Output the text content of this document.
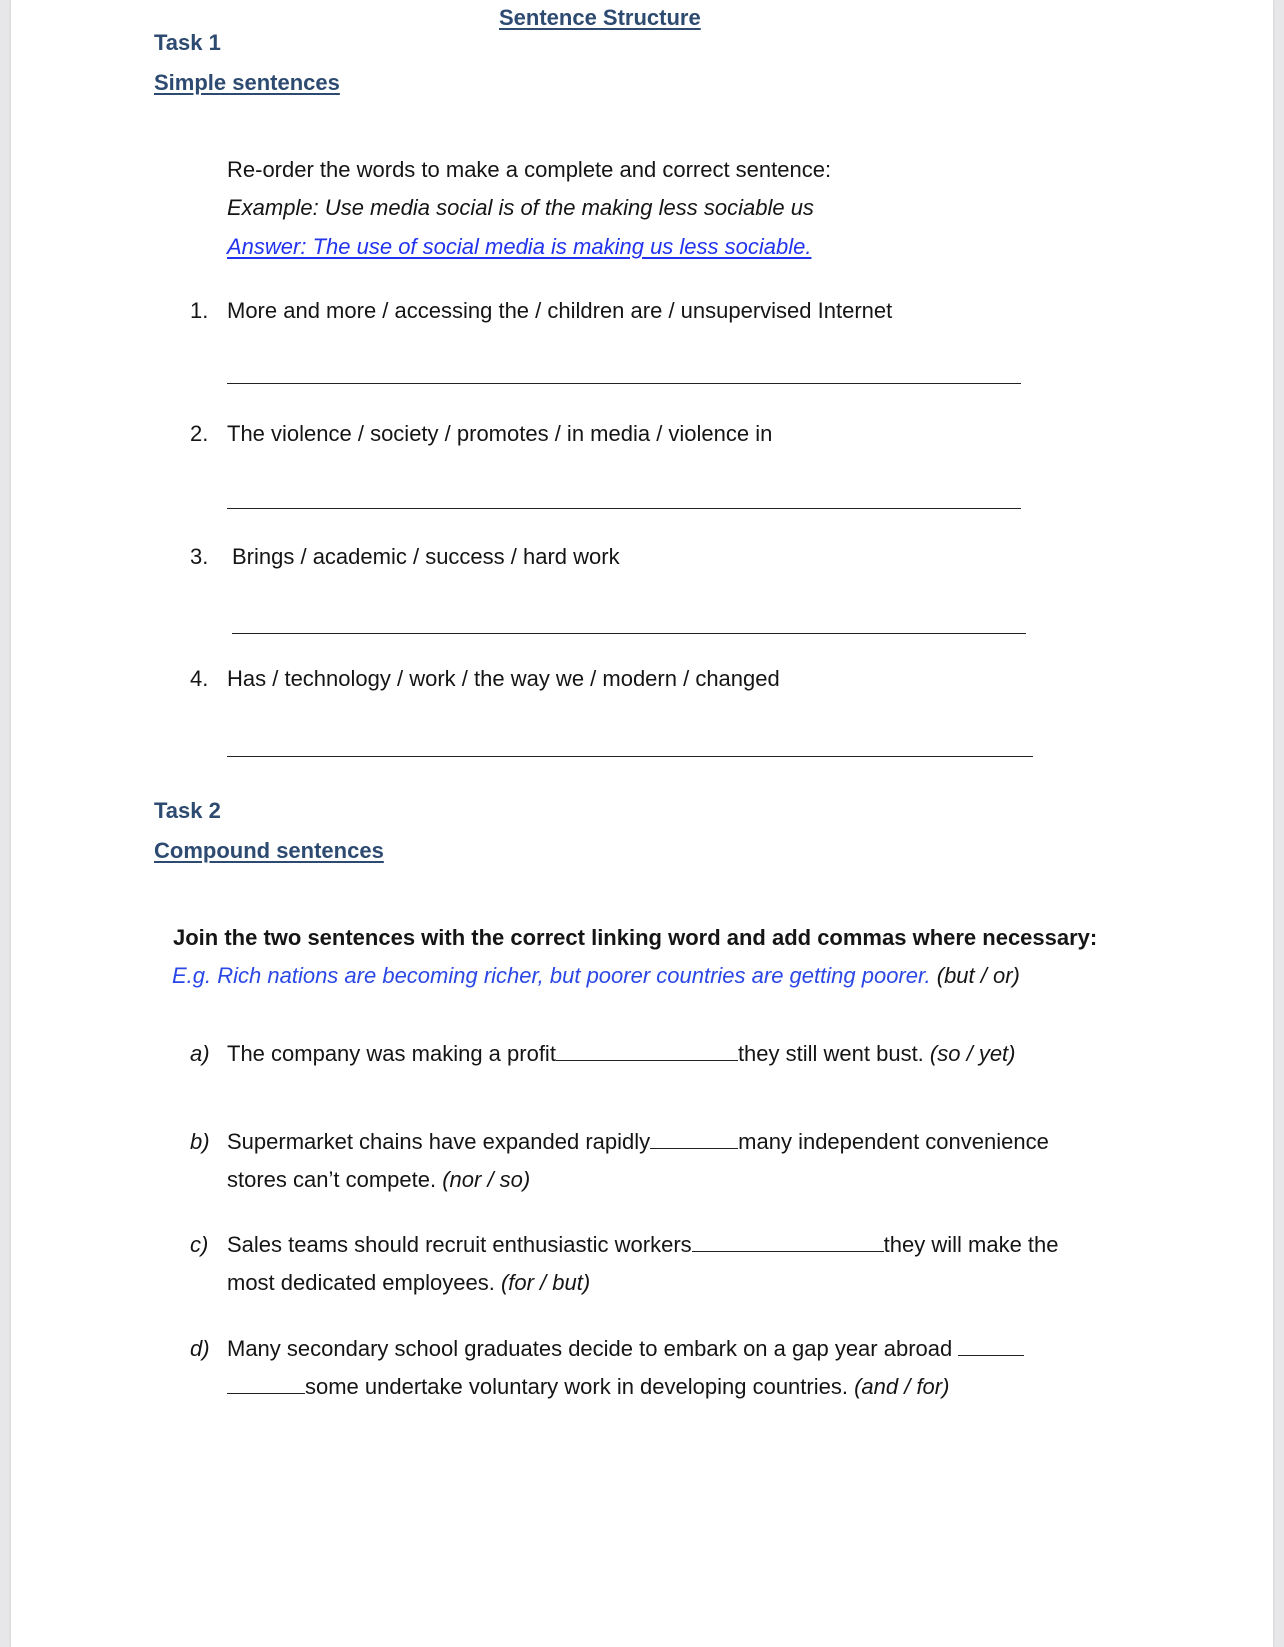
Sentence Structure
Task 1
Simple sentences
Re-order the words to make a complete and correct sentence:
Example: Use media social is of the making less sociable us
Answer: The use of social media is making us less sociable.
1. More and more / accessing the / children are / unsupervised Internet
2. The violence / society / promotes / in media / violence in
3. Brings / academic / success / hard work
4. Has / technology / work / the way we / modern / changed
Task 2
Compound sentences
Join the two sentences with the correct linking word and add commas where necessary:
E.g. Rich nations are becoming richer, but poorer countries are getting poorer. (but / or)
a) The company was making a profit	they still went bust. (so / yet)
b) Supermarket chains have expanded rapidly	many independent convenience
stores can’t compete. (nor / so)
c) Sales teams should recruit enthusiastic workers	they will make the
most dedicated employees. (for / but)
d) Many secondary school graduates decide to embark on a gap year abroad
some undertake voluntary work in developing countries. (and / for)
